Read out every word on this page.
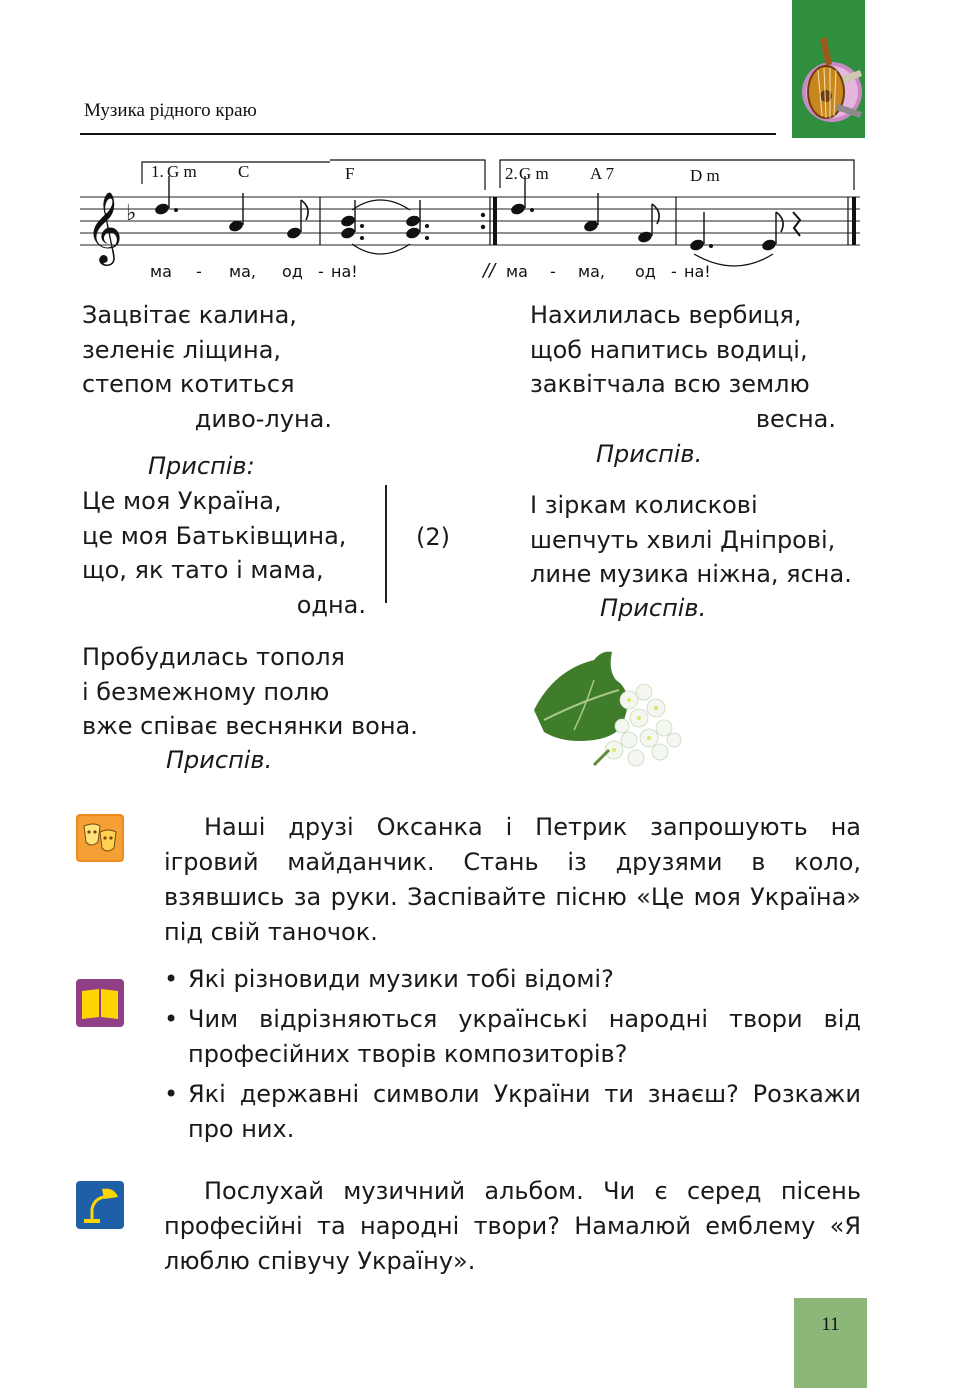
Музика рідного краю
𝄞 ♭
1. G m C	F	2. G m A 7	D m
ма - ма, од - на!	// ма - ма, од - на!
Зацвітає калина,
зеленіє ліщина,
степом котиться
диво-луна.
Приспів:
Це моя Україна,
це моя Батьківщина,
що, як тато і мама,
одна.
(2)
Пробудилась тополя
і безмежному полю
вже співає веснянки вона.
Приспів.
Нахилилась вербиця,
щоб напитись водиці,
заквітчала всю землю
весна.
Приспів.
І зіркам колискові
шепчуть хвилі Дніпрові,
лине музика ніжна, ясна.
Приспів.
Наші друзі Оксанка і Петрик запрошують на ігровий майданчик. Стань із друзями в коло, взявшись за руки. Заспівайте пісню «Це моя Україна» під свій таночок.
• Які різновиди музики тобі відомі?
• Чим відрізняються українські народні твори від професійних творів композиторів?
• Які державні символи України ти знаєш? Розкажи про них.
Послухай музичний альбом. Чи є серед пісень професійні та народні твори? Намалюй емблему «Я люблю співучу Україну».
11
